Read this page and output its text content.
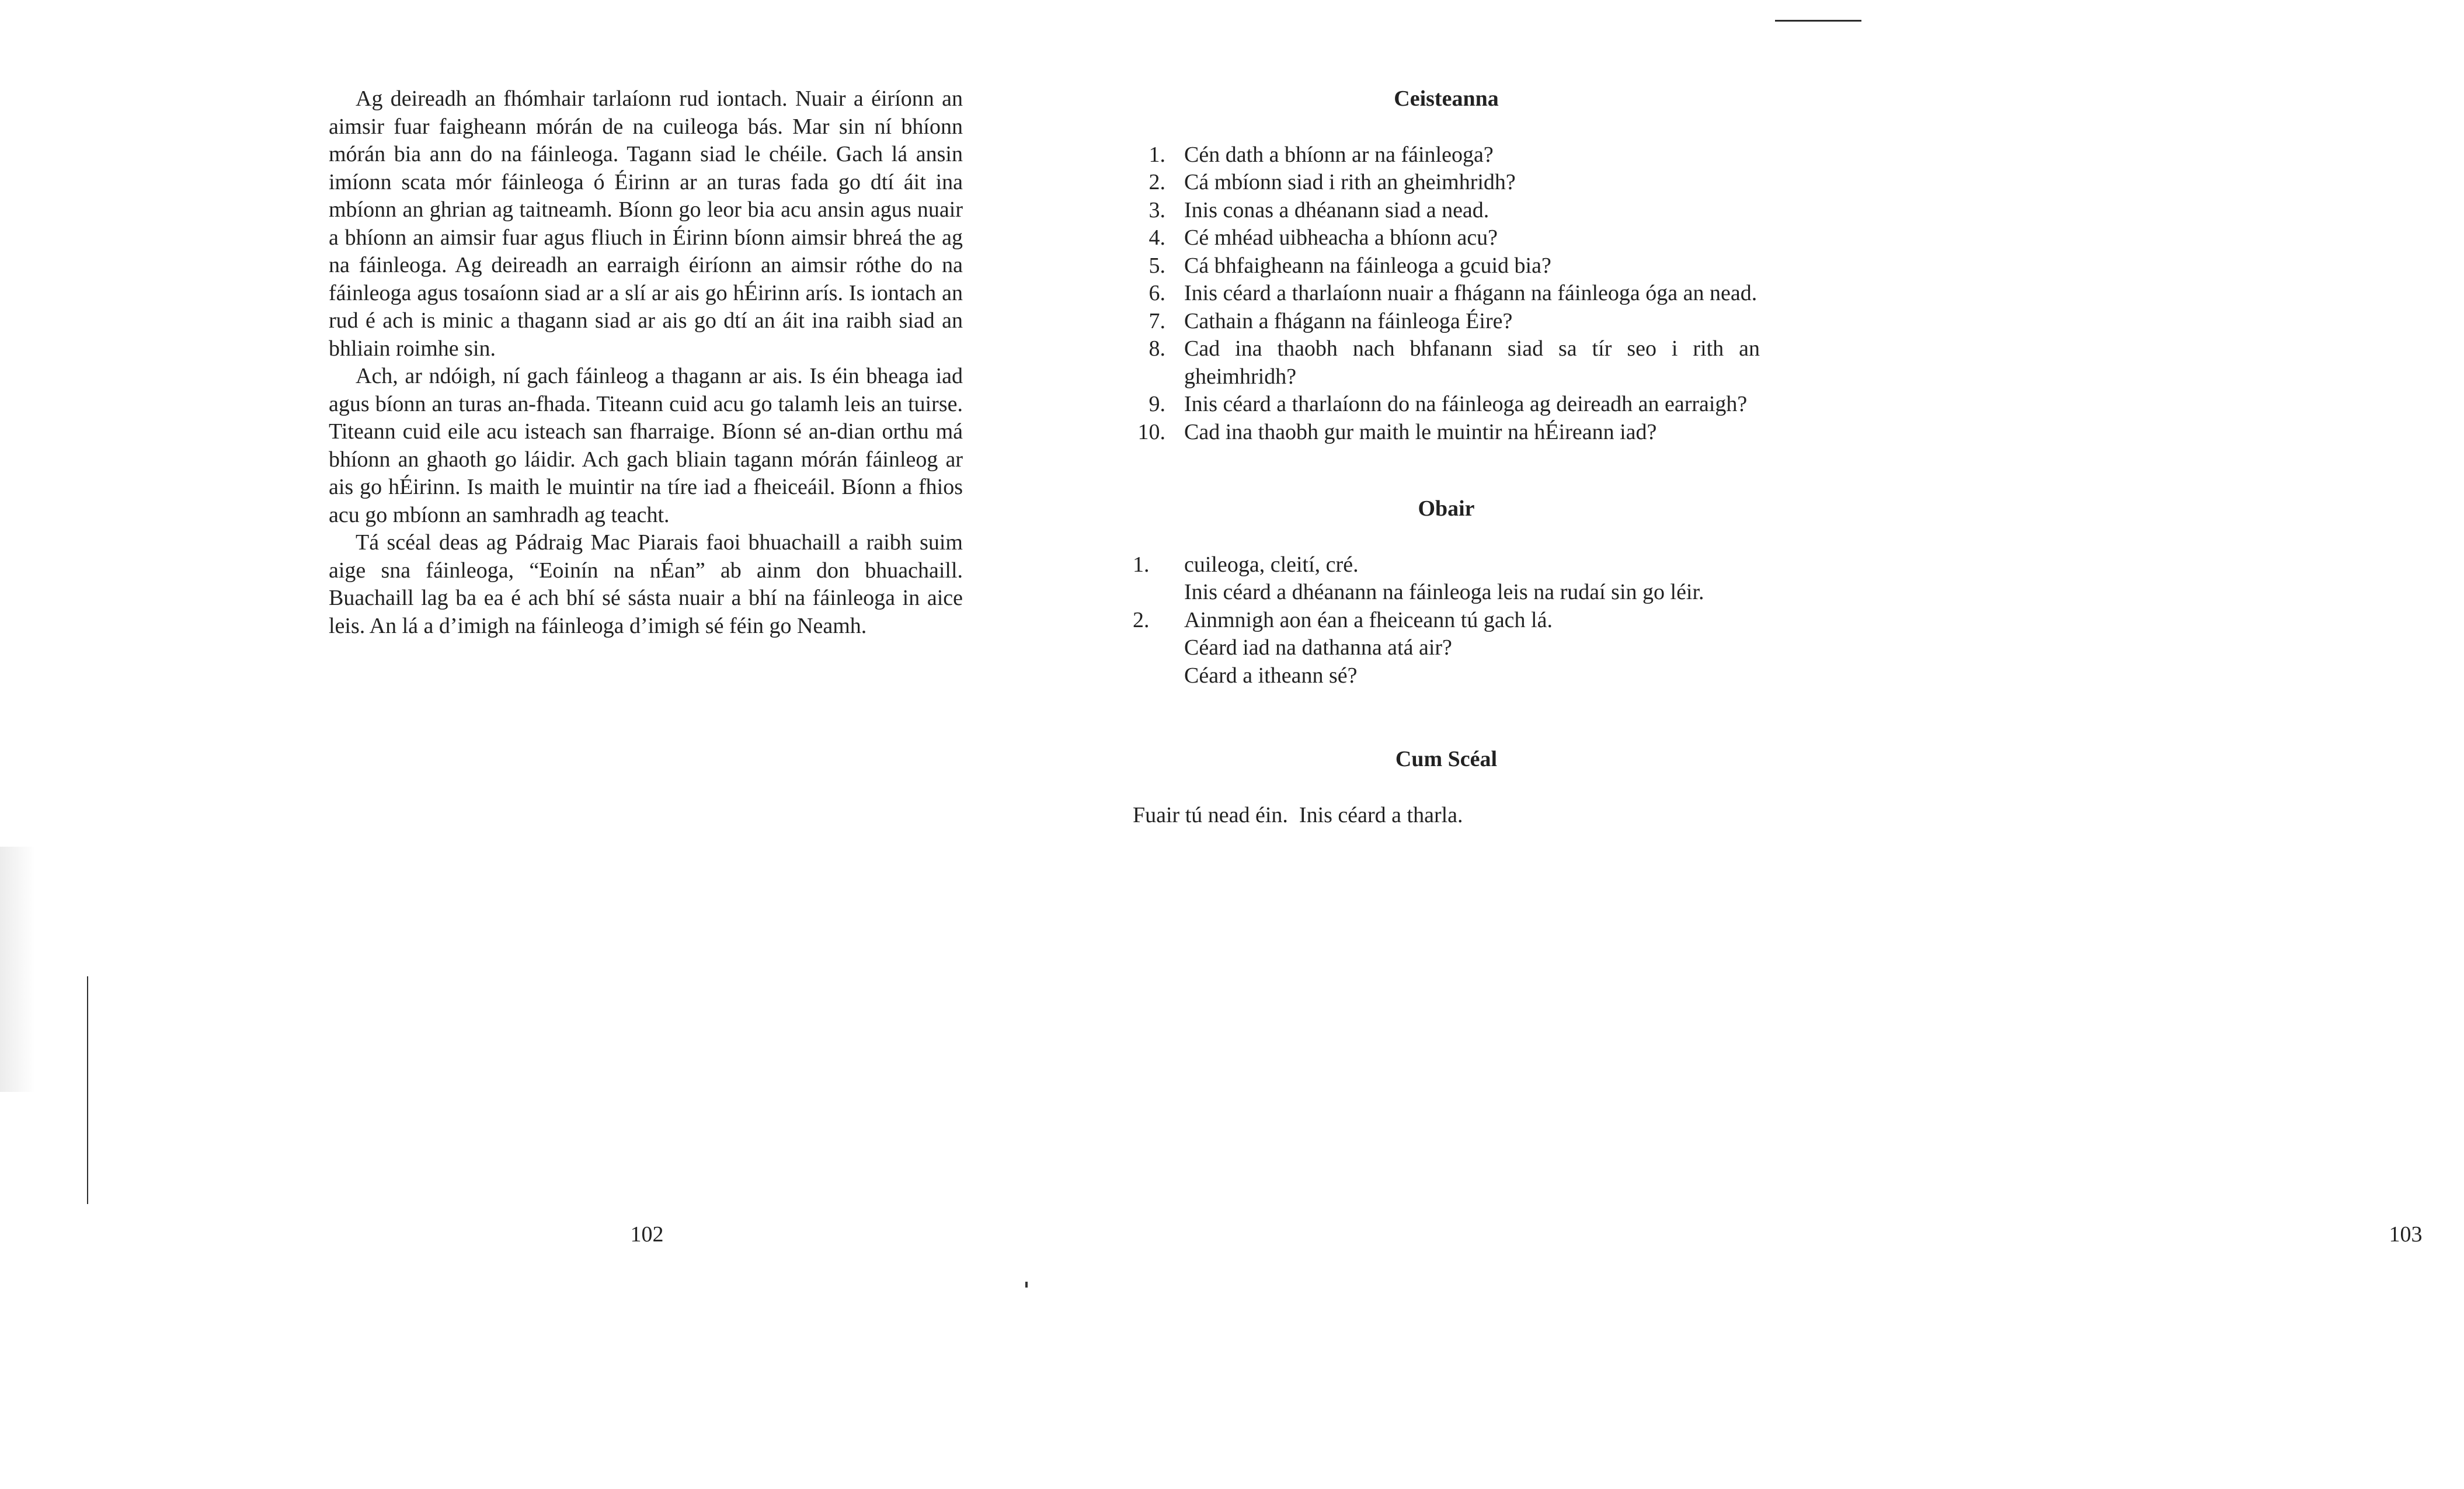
Ag deireadh an fhómhair tarlaíonn rud iontach. Nuair a éiríonn an aimsir fuar faigheann mórán de na cuileoga bás. Mar sin ní bhíonn mórán bia ann do na fáinleoga. Tagann siad le chéile. Gach lá ansin imíonn scata mór fáinleoga ó Éirinn ar an turas fada go dtí áit ina mbíonn an ghrian ag taitneamh. Bíonn go leor bia acu ansin agus nuair a bhíonn an aimsir fuar agus fliuch in Éirinn bíonn aimsir bhreá the ag na fáinleoga. Ag deireadh an earraigh éiríonn an aimsir róthe do na fáinleoga agus tosaíonn siad ar a slí ar ais go hÉirinn arís. Is iontach an rud é ach is minic a thagann siad ar ais go dtí an áit ina raibh siad an bhliain roimhe sin.

Ach, ar ndóigh, ní gach fáinleog a thagann ar ais. Is éin bheaga iad agus bíonn an turas an-fhada. Titeann cuid acu go talamh leis an tuirse. Titeann cuid eile acu isteach san fharraige. Bíonn sé an-dian orthu má bhíonn an ghaoth go láidir. Ach gach bliain tagann mórán fáinleog ar ais go hÉirinn. Is maith le muintir na tíre iad a fheiceáil. Bíonn a fhios acu go mbíonn an samhradh ag teacht.

Tá scéal deas ag Pádraig Mac Piarais faoi bhuachaill a raibh suim aige sna fáinleoga, “Eoinín na nÉan” ab ainm don bhuachaill. Buachaill lag ba ea é ach bhí sé sásta nuair a bhí na fáinleoga in aice leis. An lá a d’imigh na fáinleoga d’imigh sé féin go Neamh.

102
Ceisteanna
1. Cén dath a bhíonn ar na fáinleoga?
2. Cá mbíonn siad i rith an gheimhridh?
3. Inis conas a dhéanann siad a nead.
4. Cé mhéad uibheacha a bhíonn acu?
5. Cá bhfaigheann na fáinleoga a gcuid bia?
6. Inis céard a tharlaíonn nuair a fhágann na fáinleoga óga an nead.
7. Cathain a fhágann na fáinleoga Éire?
8. Cad ina thaobh nach bhfanann siad sa tír seo i rith an gheimhridh?
9. Inis céard a tharlaíonn do na fáinleoga ag deireadh an earraigh?
10. Cad ina thaobh gur maith le muintir na hÉireann iad?
Obair
1. cuileoga, cleití, cré.
Inis céard a dhéanann na fáinleoga leis na rudaí sin go léir.
2. Ainmnigh aon éan a fheiceann tú gach lá.
Céard iad na dathanna atá air?
Céard a itheann sé?
Cum Scéal
Fuair tú nead éin.  Inis céard a tharla.
103
